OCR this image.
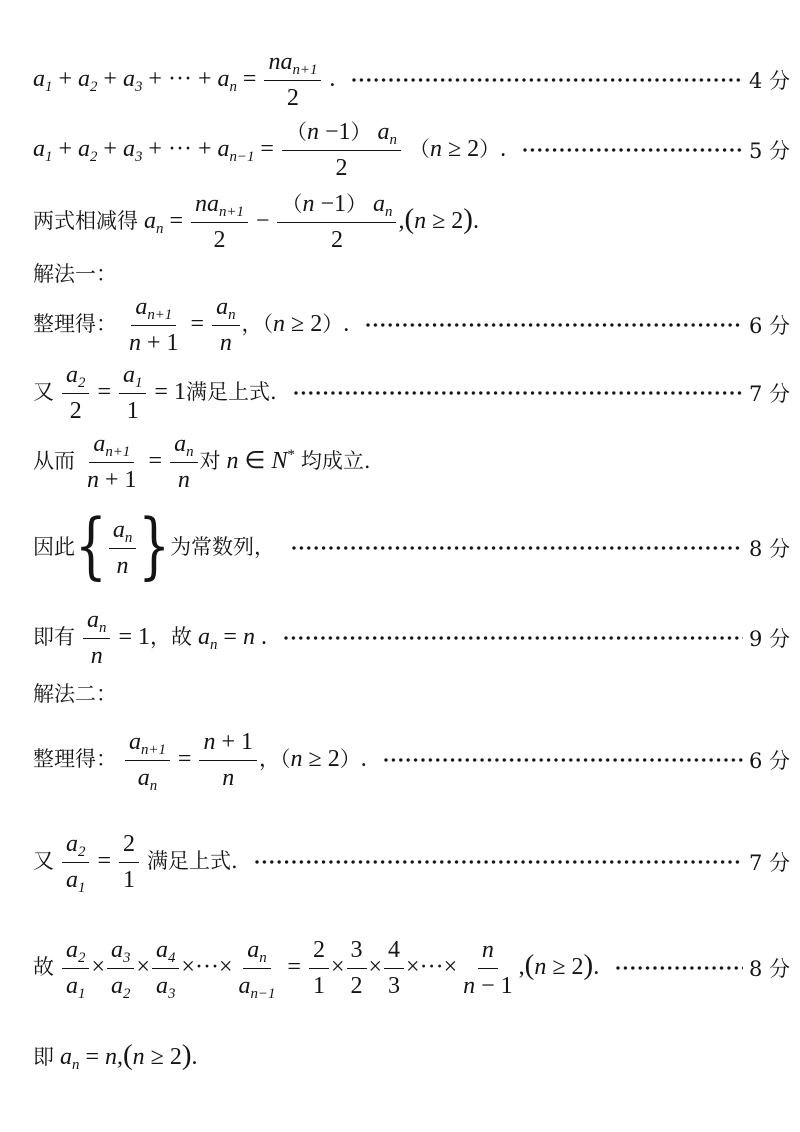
$a_1 + a_2 + a_3$ + ··· + $a_n = \frac{na_{n+1}}{2}$ .	4 分
$a_1 + a_2 + a_3$ + ··· + $a_{n-1} = \frac{(n -1) a_n}{2} (n \ge 2)$.	5 分
两式相减得 $a_n = \frac{na_{n+1}}{2} - \frac{(n -1) a_n}{2} ,(n \ge 2)$.
解法一：
整理得： $\frac{a_{n+1}}{n + 1} = \frac{a_n}{n}$ ，（n ≥ 2）.	6 分
又 $\frac{a_2}{2} = \frac{a_1}{1} = 1$满足上式.	7 分
从而 $\frac{a_{n+1}}{n + 1} = \frac{a_n}{n}$ 对 n ∈ N* 均成立.
因此{ $\frac{a_n}{n}$ }为常数列，	8 分
即有 $\frac{a_n}{n} = 1$，故 $a_n = n$ .	9 分
解法二：
整理得： $\frac{a_{n+1}}{a_n} = \frac{n + 1}{n}$ ，（n ≥ 2）.	6 分
又 $\frac{a_2}{a_1} = \frac{2}{1}$ 满足上式.	7 分
故 $\frac{a_2}{a_1} \times \frac{a_3}{a_2} \times \frac{a_4}{a_3}$ ×···× $\frac{a_n}{a_{n-1}} = \frac{2}{1} \times \frac{3}{2} \times \frac{4}{3}$ ×···× $\frac{n}{n - 1} ,(n \ge 2)$.	8 分
即 $a_n = n,(n \ge 2)$.
